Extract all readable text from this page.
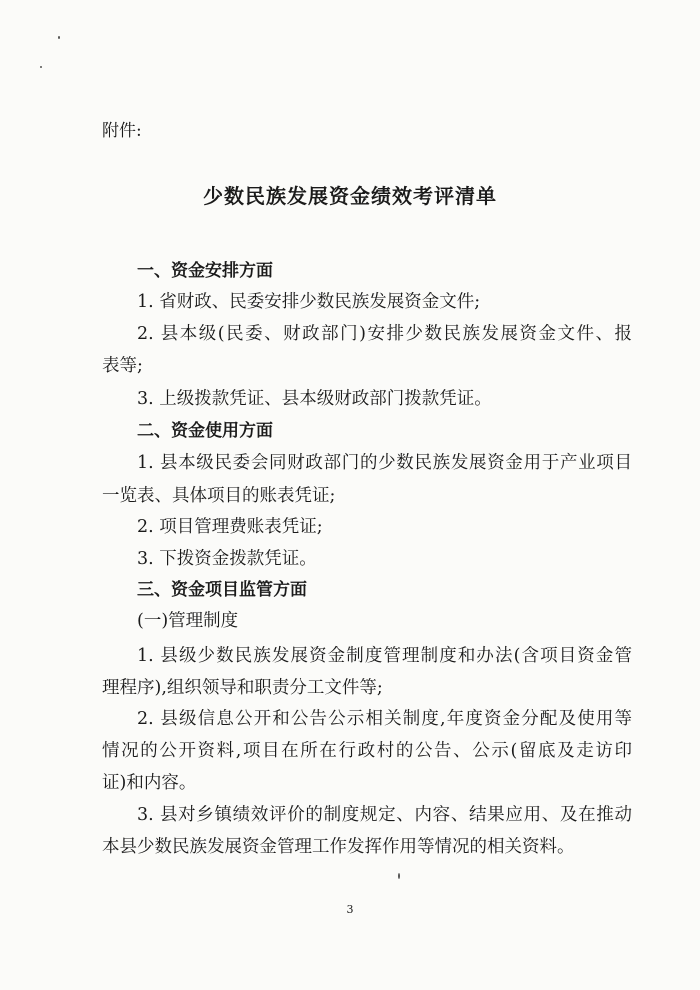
附件:
少数民族发展资金绩效考评清单
一、资金安排方面
1. 省财政、民委安排少数民族发展资金文件;
2. 县本级(民委、财政部门)安排少数民族发展资金文件、报
表等;
3. 上级拨款凭证、县本级财政部门拨款凭证。
二、资金使用方面
1. 县本级民委会同财政部门的少数民族发展资金用于产业项目
一览表、具体项目的账表凭证;
2. 项目管理费账表凭证;
3. 下拨资金拨款凭证。
三、资金项目监管方面
(一)管理制度
1. 县级少数民族发展资金制度管理制度和办法(含项目资金管
理程序),组织领导和职责分工文件等;
2. 县级信息公开和公告公示相关制度,年度资金分配及使用等
情况的公开资料,项目在所在行政村的公告、公示(留底及走访印
证)和内容。
3. 县对乡镇绩效评价的制度规定、内容、结果应用、及在推动
本县少数民族发展资金管理工作发挥作用等情况的相关资料。
3
